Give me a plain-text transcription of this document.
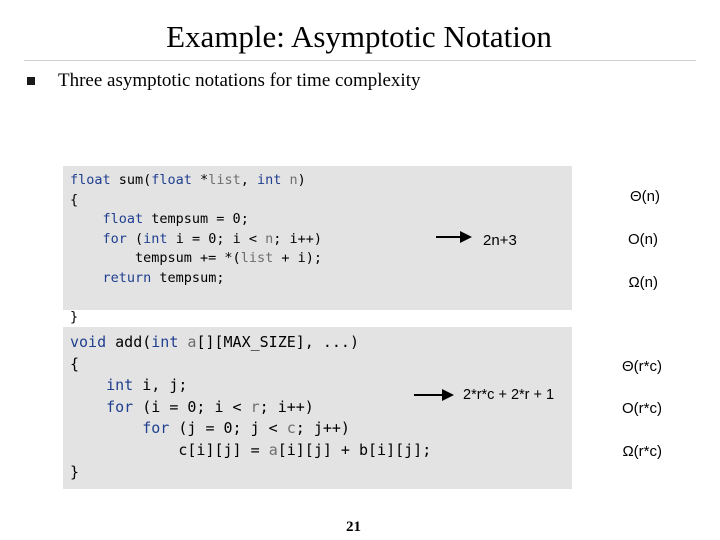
Example: Asymptotic Notation
Three asymptotic notations for time complexity
float sum(float *list, int n)
{
float tempsum = 0;
for (int i = 0; i < n; i++)
tempsum += *(list + i);
return tempsum;
}
2n+3
Θ(n)
O(n)
Ω(n)
void add(int a[][MAX_SIZE], ...)
{
int i, j;
for (i = 0; i < r; i++)
for (j = 0; j < c; j++)
c[i][j] = a[i][j] + b[i][j];
}
2*r*c + 2*r + 1
Θ(r*c)
O(r*c)
Ω(r*c)
21
